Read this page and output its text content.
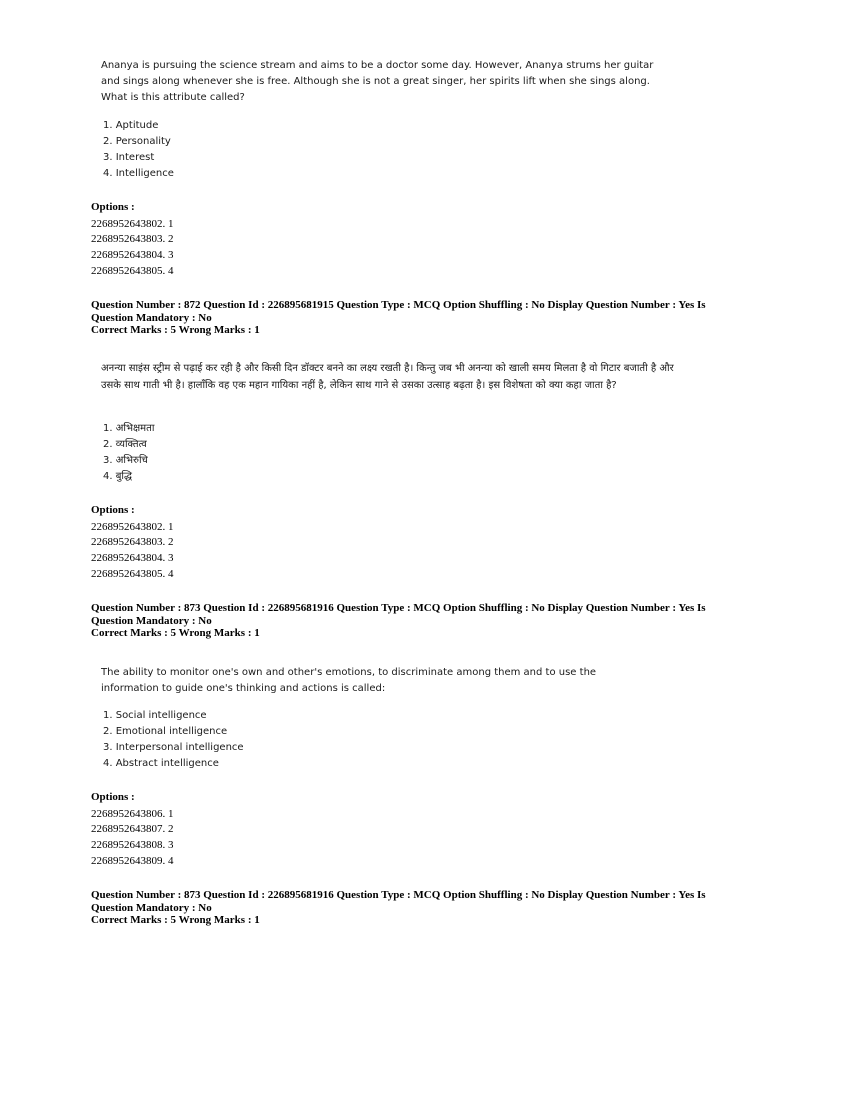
Ananya is pursuing the science stream and aims to be a doctor some day. However, Ananya strums her guitar and sings along whenever she is free. Although she is not a great singer, her spirits lift when she sings along. What is this attribute called?
1. Aptitude
2. Personality
3. Interest
4. Intelligence
Options :
2268952643802. 1
2268952643803. 2
2268952643804. 3
2268952643805. 4
Question Number : 872 Question Id : 226895681915 Question Type : MCQ Option Shuffling : No Display Question Number : Yes Is Question Mandatory : No
Correct Marks : 5 Wrong Marks : 1
अनन्या साइंस स्ट्रीम से पढ़ाई कर रही है और किसी दिन डॉक्टर बनने का लक्ष्य रखती है। किन्तु जब भी अनन्या को खाली समय मिलता है वो गिटार बजाती है और उसके साथ गाती भी है। हालाँकि वह एक महान गायिका नहीं है, लेकिन साथ गाने से उसका उत्साह बढ़ता है। इस विशेषता को क्या कहा जाता है?
1. अभिक्षमता
2. व्यक्तित्व
3. अभिरुचि
4. बुद्धि
Options :
2268952643802. 1
2268952643803. 2
2268952643804. 3
2268952643805. 4
Question Number : 873 Question Id : 226895681916 Question Type : MCQ Option Shuffling : No Display Question Number : Yes Is Question Mandatory : No
Correct Marks : 5 Wrong Marks : 1
The ability to monitor one's own and other's emotions, to discriminate among them and to use the information to guide one's thinking and actions is called:
1. Social intelligence
2. Emotional intelligence
3. Interpersonal intelligence
4. Abstract intelligence
Options :
2268952643806. 1
2268952643807. 2
2268952643808. 3
2268952643809. 4
Question Number : 873 Question Id : 226895681916 Question Type : MCQ Option Shuffling : No Display Question Number : Yes Is Question Mandatory : No
Correct Marks : 5 Wrong Marks : 1
